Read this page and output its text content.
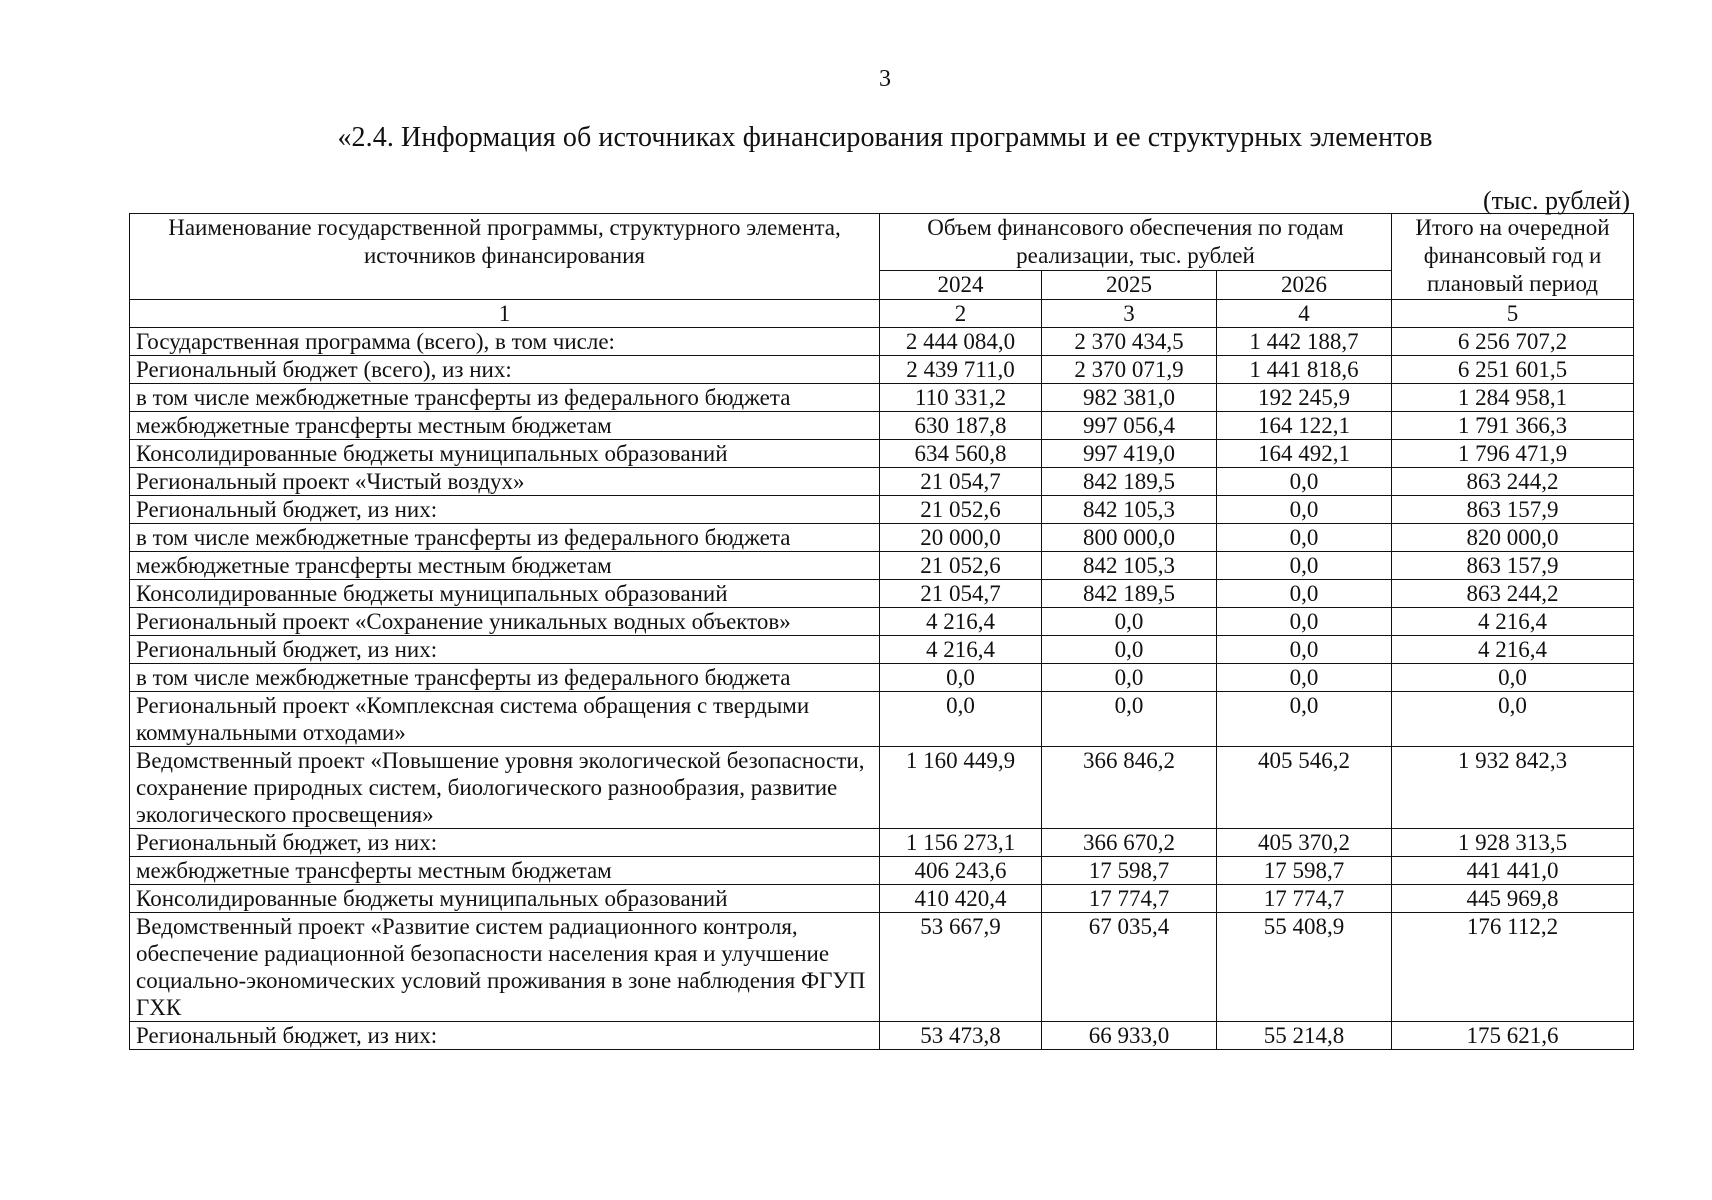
3
«2.4. Информация об источниках финансирования программы и ее структурных элементов
(тыс. рублей)
Наименование государственной программы, структурного элемента, источников финансирования	Объем финансового обеспечения по годам реализации, тыс. рублей			Итого на очередной финансовый год и плановый период
	2024	2025	2026	
1	2	3	4	5
Государственная программа (всего), в том числе:	2 444 084,0	2 370 434,5	1 442 188,7	6 256 707,2
Региональный бюджет (всего), из них:	2 439 711,0	2 370 071,9	1 441 818,6	6 251 601,5
в том числе межбюджетные трансферты из федерального бюджета	110 331,2	982 381,0	192 245,9	1 284 958,1
межбюджетные трансферты местным бюджетам	630 187,8	997 056,4	164 122,1	1 791 366,3
Консолидированные бюджеты муниципальных образований	634 560,8	997 419,0	164 492,1	1 796 471,9
Региональный проект «Чистый воздух»	21 054,7	842 189,5	0,0	863 244,2
Региональный бюджет, из них:	21 052,6	842 105,3	0,0	863 157,9
в том числе межбюджетные трансферты из федерального бюджета	20 000,0	800 000,0	0,0	820 000,0
межбюджетные трансферты местным бюджетам	21 052,6	842 105,3	0,0	863 157,9
Консолидированные бюджеты муниципальных образований	21 054,7	842 189,5	0,0	863 244,2
Региональный проект «Сохранение уникальных водных объектов»	4 216,4	0,0	0,0	4 216,4
Региональный бюджет, из них:	4 216,4	0,0	0,0	4 216,4
в том числе межбюджетные трансферты из федерального бюджета	0,0	0,0	0,0	0,0
Региональный проект «Комплексная система обращения с твердыми коммунальными отходами»	0,0	0,0	0,0	0,0
Ведомственный проект «Повышение уровня экологической безопасности, сохранение природных систем, биологического разнообразия, развитие экологического просвещения»	1 160 449,9	366 846,2	405 546,2	1 932 842,3
Региональный бюджет, из них:	1 156 273,1	366 670,2	405 370,2	1 928 313,5
межбюджетные трансферты местным бюджетам	406 243,6	17 598,7	17 598,7	441 441,0
Консолидированные бюджеты муниципальных образований	410 420,4	17 774,7	17 774,7	445 969,8
Ведомственный проект «Развитие систем радиационного контроля, обеспечение радиационной безопасности населения края и улучшение социально-экономических условий проживания в зоне наблюдения ФГУП ГХК	53 667,9	67 035,4	55 408,9	176 112,2
Региональный бюджет, из них:	53 473,8	66 933,0	55 214,8	175 621,6
